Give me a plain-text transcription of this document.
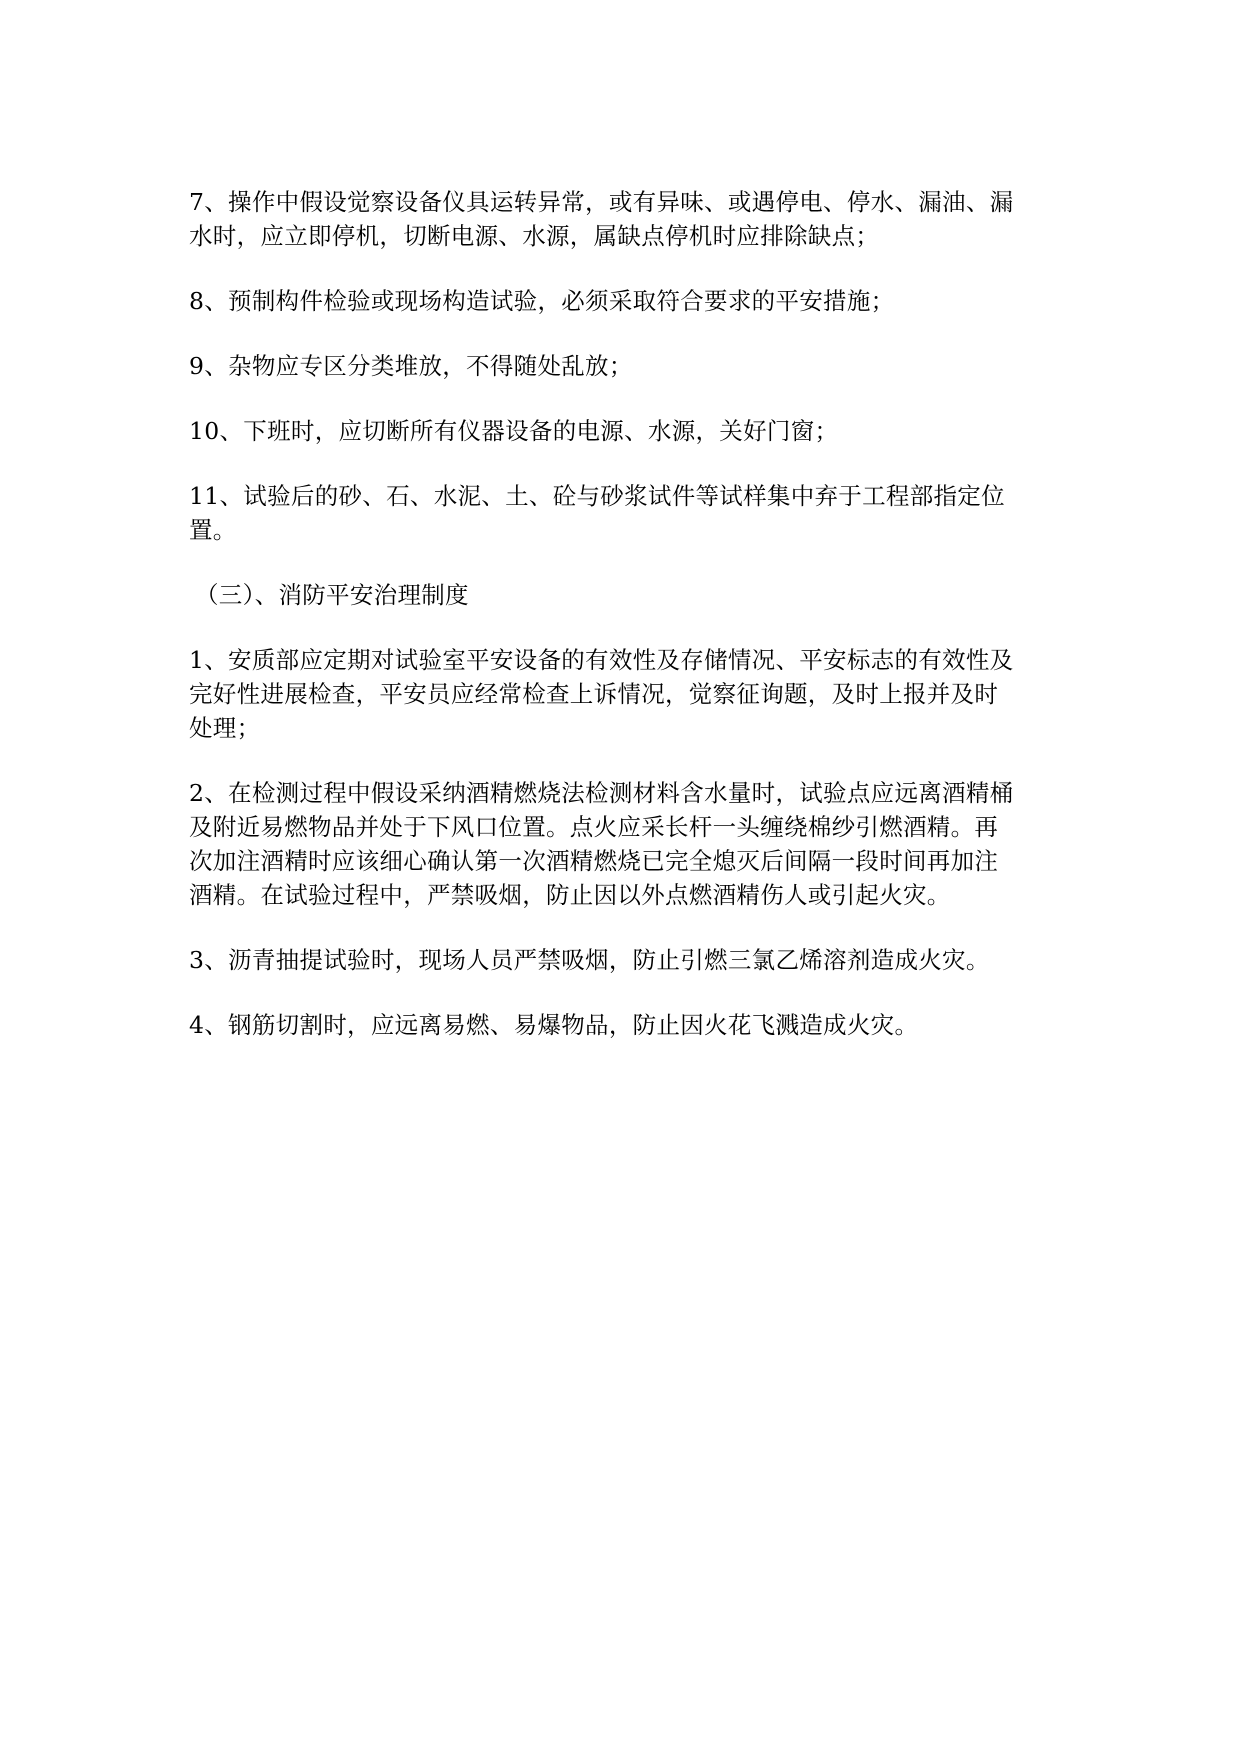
7、操作中假设觉察设备仪具运转异常，或有异味、或遇停电、停水、漏油、漏
水时，应立即停机，切断电源、水源，属缺点停机时应排除缺点；

8、预制构件检验或现场构造试验，必须采取符合要求的平安措施；

9、杂物应专区分类堆放，不得随处乱放；

10、下班时，应切断所有仪器设备的电源、水源，关好门窗；

11、试验后的砂、石、水泥、土、砼与砂浆试件等试样集中弃于工程部指定位
置。

（三）、消防平安治理制度

1、安质部应定期对试验室平安设备的有效性及存储情况、平安标志的有效性及
完好性进展检查，平安员应经常检查上诉情况，觉察征询题，及时上报并及时
处理；

2、在检测过程中假设采纳酒精燃烧法检测材料含水量时，试验点应远离酒精桶
及附近易燃物品并处于下风口位置。点火应采长杆一头缠绕棉纱引燃酒精。再
次加注酒精时应该细心确认第一次酒精燃烧已完全熄灭后间隔一段时间再加注
酒精。在试验过程中，严禁吸烟，防止因以外点燃酒精伤人或引起火灾。

3、沥青抽提试验时，现场人员严禁吸烟，防止引燃三氯乙烯溶剂造成火灾。

4、钢筋切割时，应远离易燃、易爆物品，防止因火花飞溅造成火灾。
